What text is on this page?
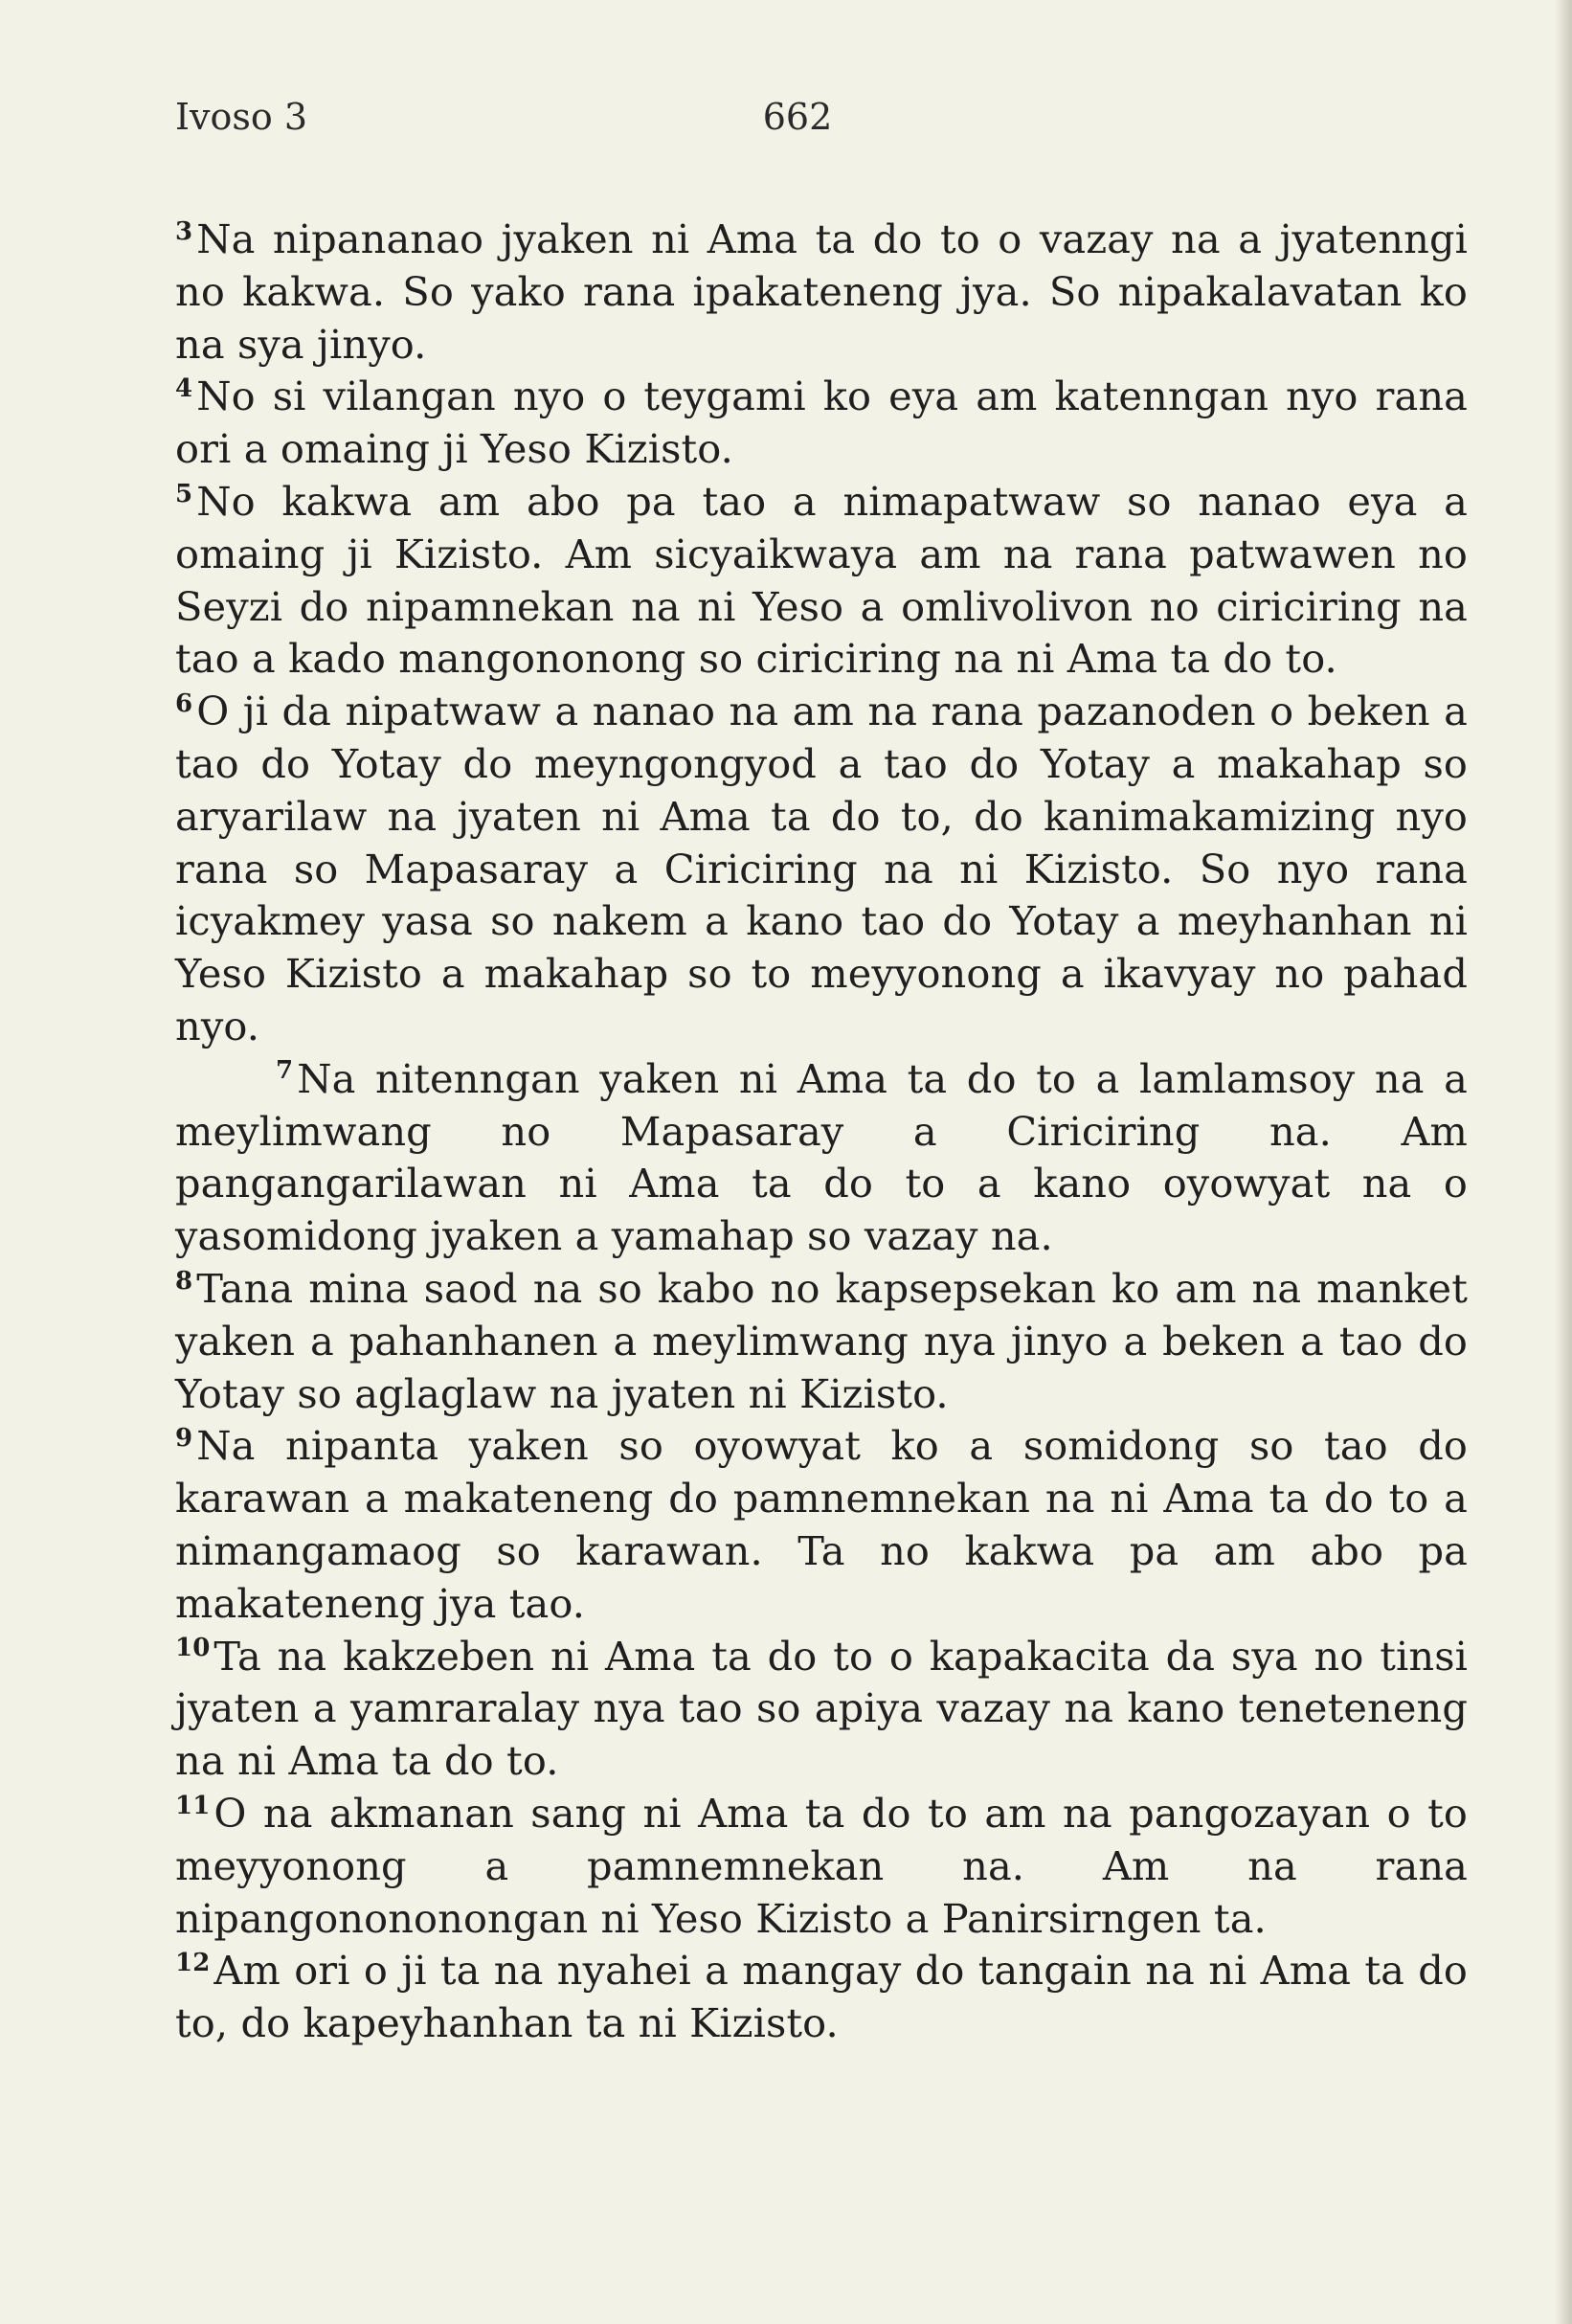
Ivoso 3	662

$^3$Na nipananao jyaken ni Ama ta do to o vazay na a jyatenngi no kakwa. So yako rana ipakateneng jya. So nipakalavatan ko na sya jinyo.

$^4$No si vilangan nyo o teygami ko eya am katenngan nyo rana ori a omaing ji Yeso Kizisto.

$^5$No kakwa am abo pa tao a nimapatwaw so nanao eya a omaing ji Kizisto. Am sicyaikwaya am na rana patwawen no Seyzi do nipamnekan na ni Yeso a omlivolivon no ciriciring na tao a kado mangononong so ciriciring na ni Ama ta do to.

$^6$O ji da nipatwaw a nanao na am na rana pazanoden o beken a tao do Yotay do meyngongyod a tao do Yotay a makahap so aryarilaw na jyaten ni Ama ta do to, do kanimakamizing nyo rana so Mapasaray a Ciriciring na ni Kizisto. So nyo rana icyakmey yasa so nakem a kano tao do Yotay a meyhanhan ni Yeso Kizisto a makahap so to meyyonong a ikavyay no pahad nyo.

$^7$Na nitenngan yaken ni Ama ta do to a lamlamsoy na a meylimwang no Mapasaray a Ciriciring na. Am pangangarilawan ni Ama ta do to a kano oyowyat na o yasomidong jyaken a yamahap so vazay na.

$^8$Tana mina saod na so kabo no kapsepsekan ko am na manket yaken a pahanhanen a meylimwang nya jinyo a beken a tao do Yotay so aglaglaw na jyaten ni Kizisto.

$^9$Na nipanta yaken so oyowyat ko a somidong so tao do karawan a makateneng do pamnemnekan na ni Ama ta do to a nimangamaog so karawan. Ta no kakwa pa am abo pa makateneng jya tao.

$^{10}$Ta na kakzeben ni Ama ta do to o kapakacita da sya no tinsi jyaten a yamraralay nya tao so apiya vazay na kano teneteneng na ni Ama ta do to.

$^{11}$O na akmanan sang ni Ama ta do to am na pangozayan o to meyyonong a pamnemnekan na. Am na rana nipangonononongan ni Yeso Kizisto a Panirsirngen ta.

$^{12}$Am ori o ji ta na nyahei a mangay do tangain na ni Ama ta do to, do kapeyhanhan ta ni Kizisto.
